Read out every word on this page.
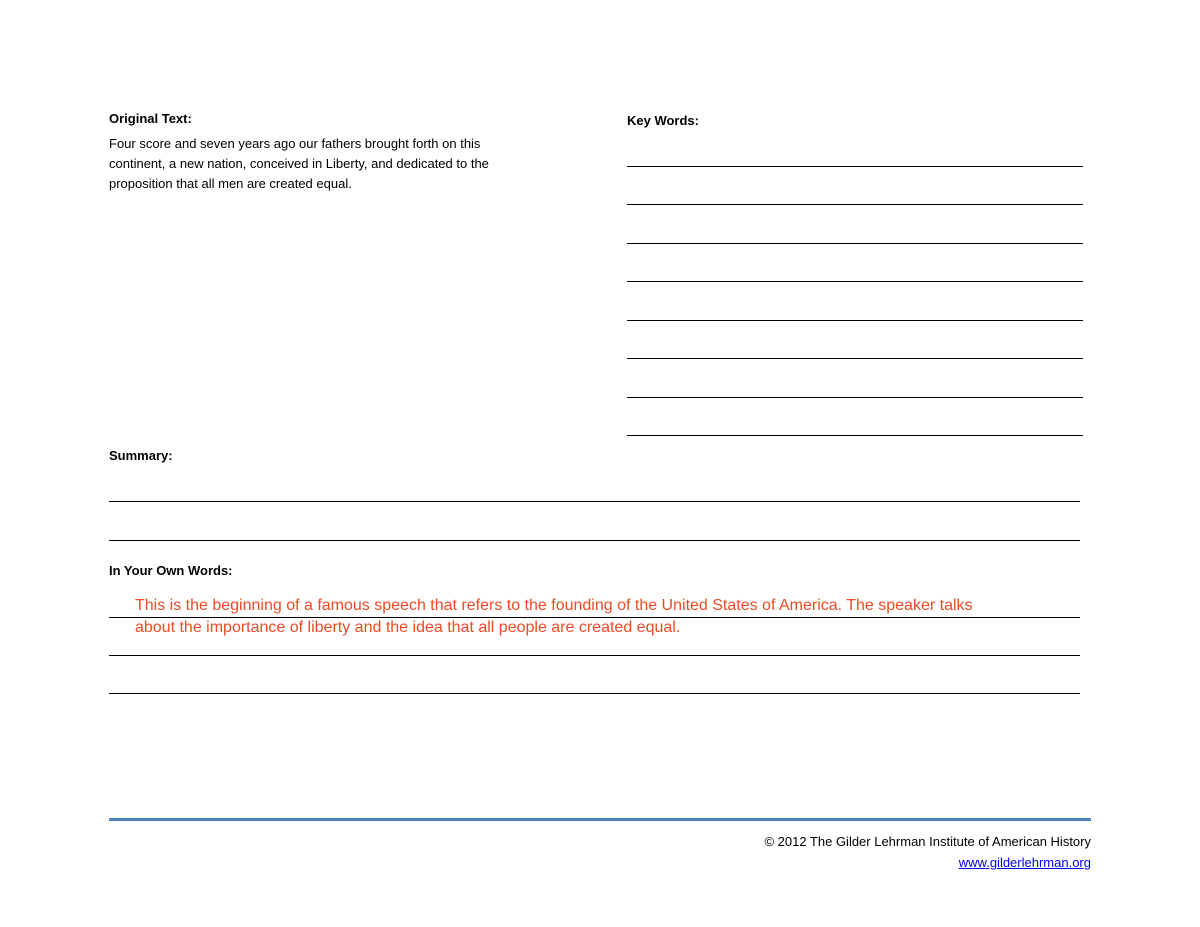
Original Text:
Four score and seven years ago our fathers brought forth on this
continent, a new nation, conceived in Liberty, and dedicated to the
proposition that all men are created equal.
Key Words:
Summary:
In Your Own Words:
This is the beginning of a famous speech that refers to the founding of the United States of America. The speaker talks
about the importance of liberty and the idea that all people are created equal.
© 2012 The Gilder Lehrman Institute of American History
www.gilderlehrman.org
